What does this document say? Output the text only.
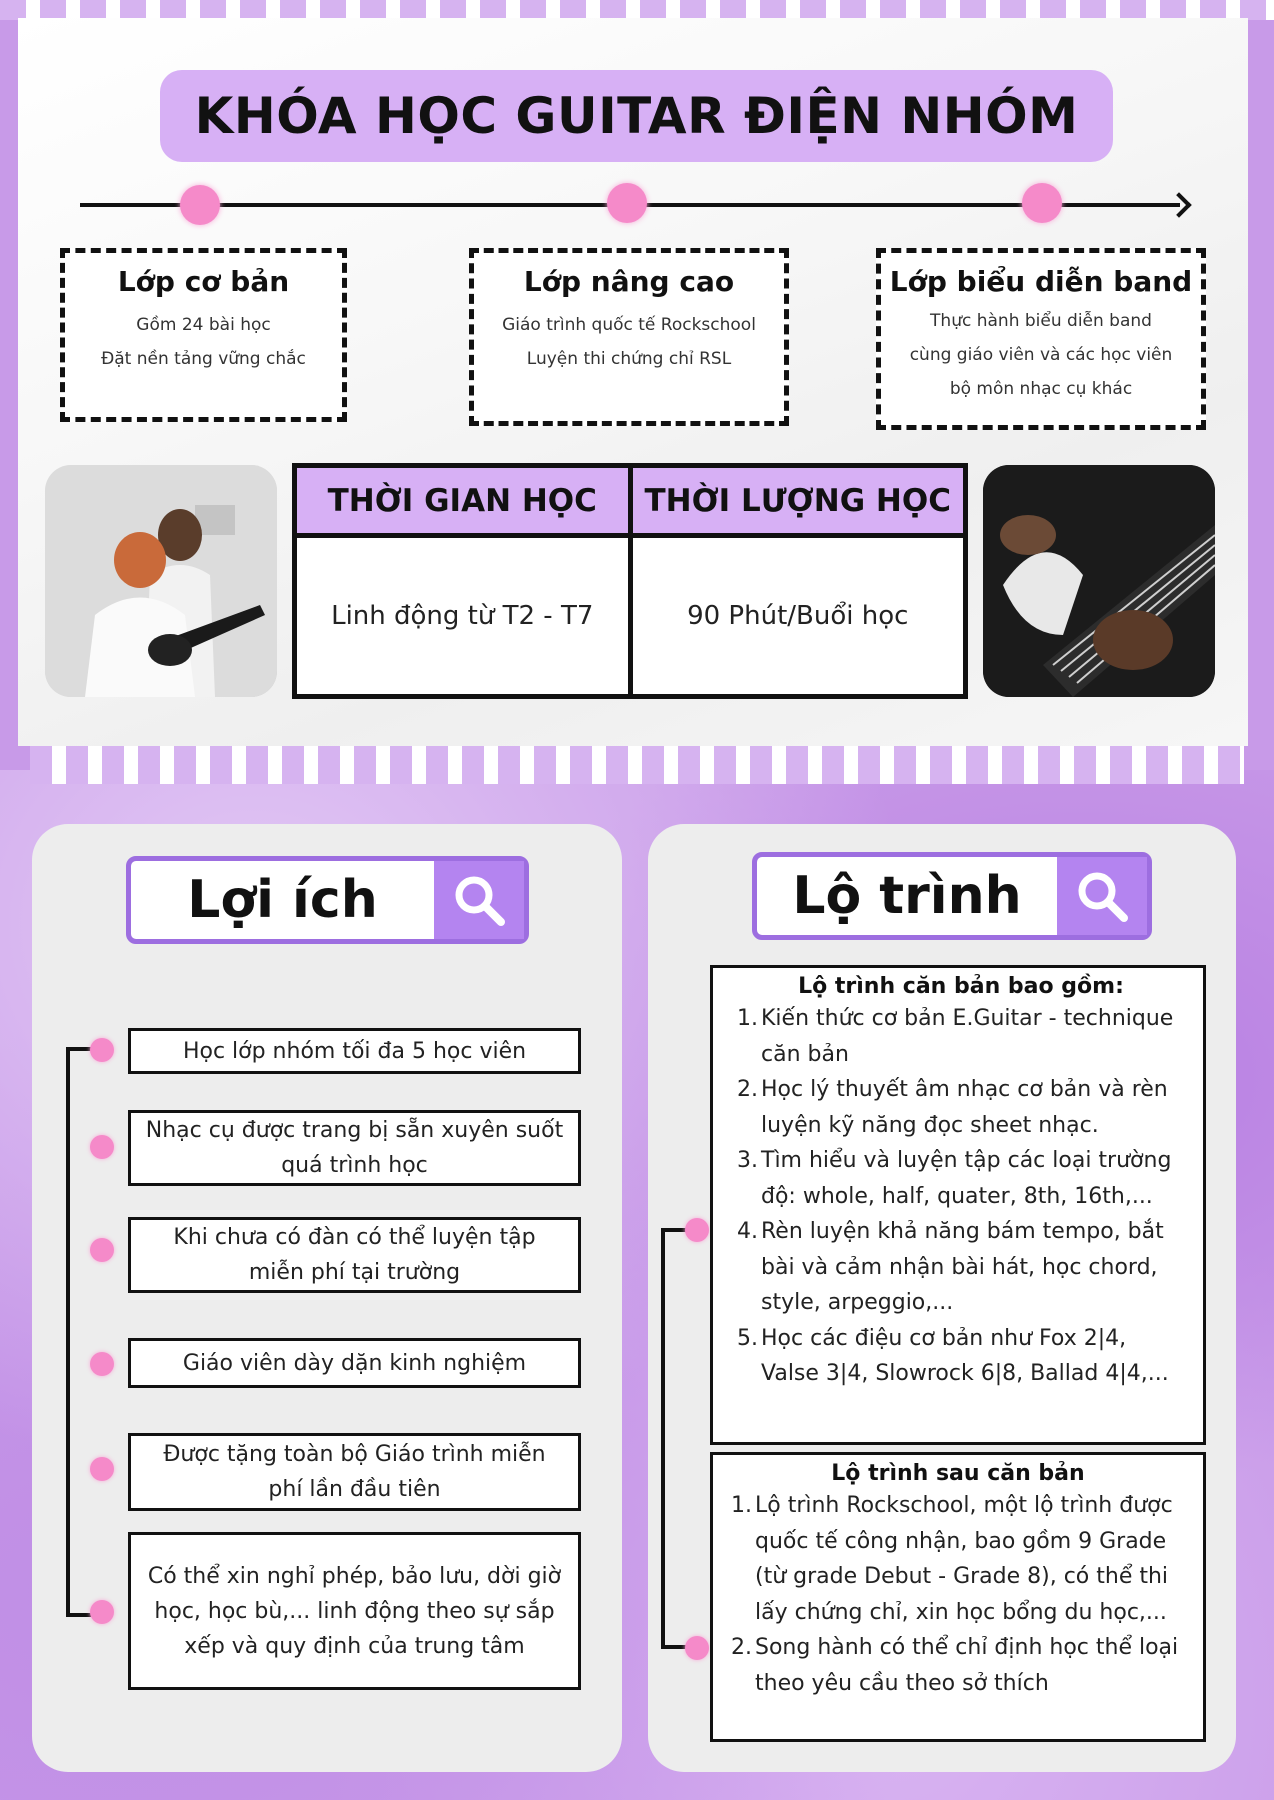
KHÓA HỌC GUITAR ĐIỆN NHÓM
Lớp cơ bản
Gồm 24 bài học
Đặt nền tảng vững chắc
Lớp nâng cao
Giáo trình quốc tế Rockschool
Luyện thi chứng chỉ RSL
Lớp biểu diễn band
Thực hành biểu diễn band
cùng giáo viên và các học viên
bộ môn nhạc cụ khác
THỜI GIAN HỌC
Linh động từ T2 - T7
THỜI LƯỢNG HỌC
90 Phút/Buổi học
Lợi ích
Học lớp nhóm tối đa 5 học viên
Nhạc cụ được trang bị sẵn xuyên suốt quá trình học
Khi chưa có đàn có thể luyện tập miễn phí tại trường
Giáo viên dày dặn kinh nghiệm
Được tặng toàn bộ Giáo trình miễn phí lần đầu tiên
Có thể xin nghỉ phép, bảo lưu, dời giờ học, học bù,... linh động theo sự sắp xếp và quy định của trung tâm
Lộ trình
Lộ trình căn bản bao gồm:
1. Kiến thức cơ bản E.Guitar - technique căn bản
2. Học lý thuyết âm nhạc cơ bản và rèn luyện kỹ năng đọc sheet nhạc.
3. Tìm hiểu và luyện tập các loại trường độ: whole, half, quater, 8th, 16th,...
4. Rèn luyện khả năng bám tempo, bắt bài và cảm nhận bài hát, học chord, style, arpeggio,...
5. Học các điệu cơ bản như Fox 2|4, Valse 3|4, Slowrock 6|8, Ballad 4|4,...
Lộ trình sau căn bản
1. Lộ trình Rockschool, một lộ trình được quốc tế công nhận, bao gồm 9 Grade (từ grade Debut - Grade 8), có thể thi lấy chứng chỉ, xin học bổng du học,...
2. Song hành có thể chỉ định học thể loại theo yêu cầu theo sở thích
